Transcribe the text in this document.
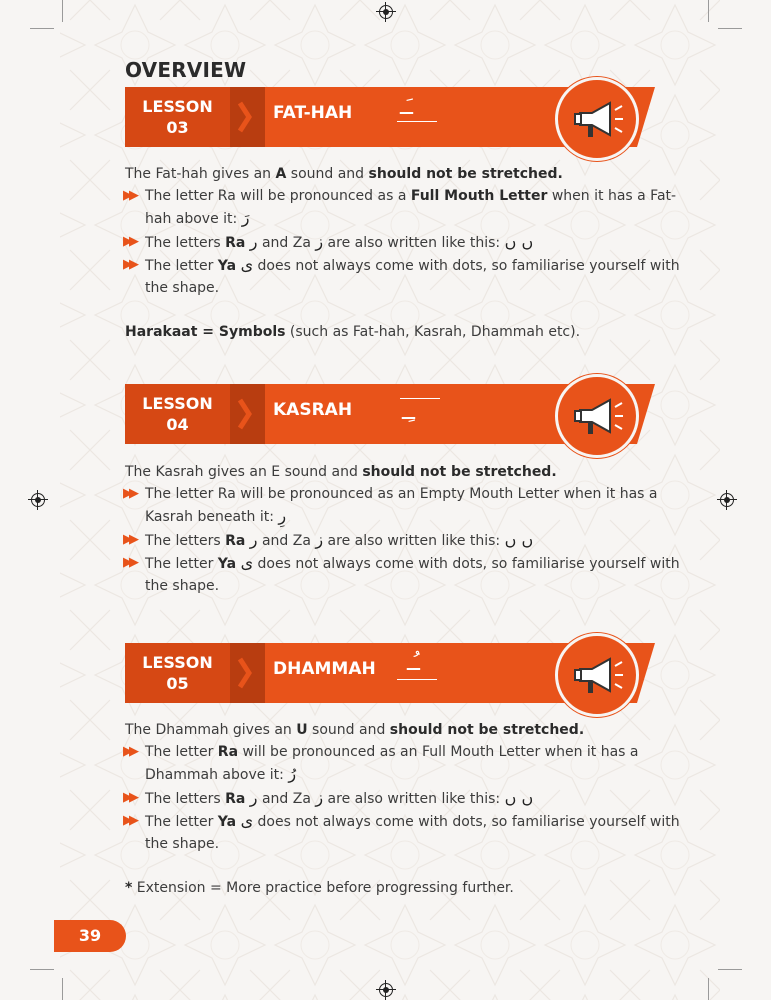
OVERVIEW
LESSON
03
FAT-HAH ـَـ

The Fat-hah gives an A sound and should not be stretched.

▶▶ The letter Ra will be pronounced as a Full Mouth Letter when it has a Fat-hah above it: رَ

▶▶ The letters Ra ر and Za ز are also written like this: ں ں

▶▶ The letter Ya ی does not always come with dots, so familiarise yourself with the shape.

Harakaat = Symbols (such as Fat-hah, Kasrah, Dhammah etc).

LESSON
04
KASRAH ـِـ

The Kasrah gives an E sound and should not be stretched.

▶▶ The letter Ra will be pronounced as an Empty Mouth Letter when it has a Kasrah beneath it: رِ

▶▶ The letters Ra ر and Za ز are also written like this: ں ں

▶▶ The letter Ya ی does not always come with dots, so familiarise yourself with the shape.

LESSON
05
DHAMMAH ـُـ

The Dhammah gives an U sound and should not be stretched.

▶▶ The letter Ra will be pronounced as an Full Mouth Letter when it has a Dhammah above it: رُ

▶▶ The letters Ra ر and Za ز are also written like this: ں ں

▶▶ The letter Ya ی does not always come with dots, so familiarise yourself with the shape.

* Extension = More practice before progressing further.

39
